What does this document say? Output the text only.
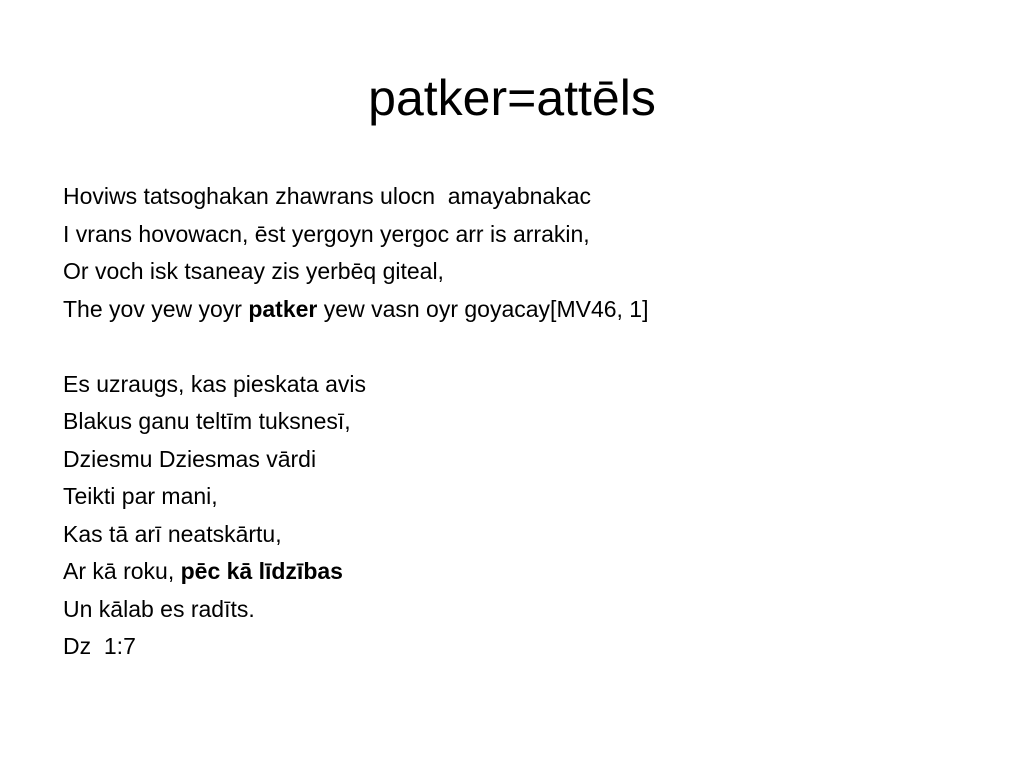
patker=attēls
Hoviws tatsoghakan zhawrans ulocn  amayabnakac
I vrans hovowacn, ēst yergoyn yergoc arr is arrakin,
Or voch isk tsaneay zis yerbēq giteal,
The yov yew yoyr patker yew vasn oyr goyacay[MV46, 1]
Es uzraugs, kas pieskata avis
Blakus ganu teltīm tuksnesī,
Dziesmu Dziesmas vārdi
Teikti par mani,
Kas tā arī neatskārtu,
Ar kā roku, pēc kā līdzības
Un kālab es radīts.
Dz  1:7
